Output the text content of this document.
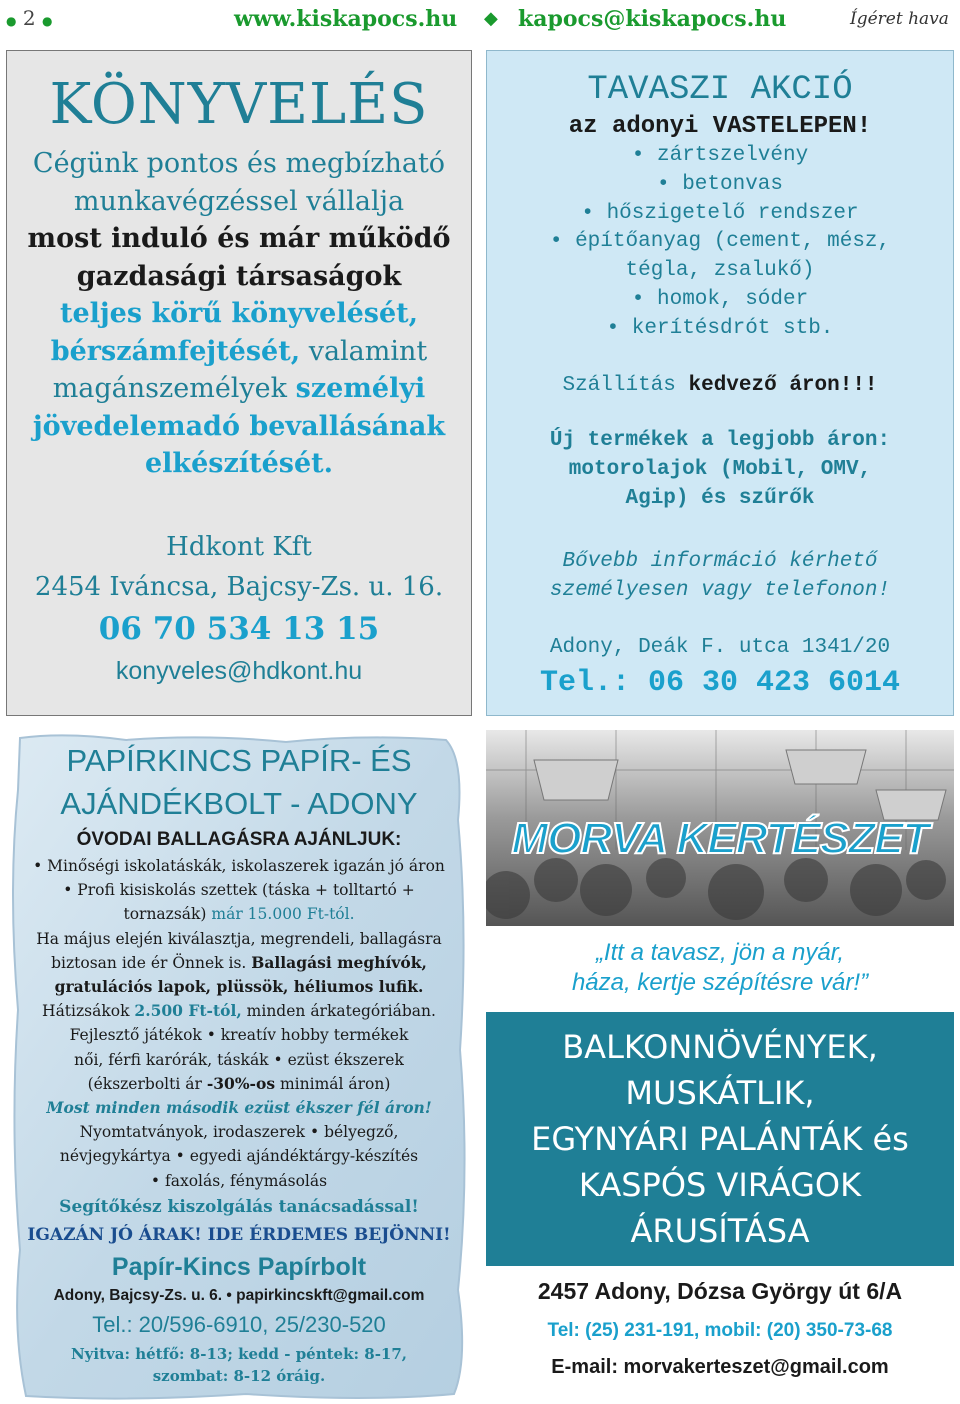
● 2 ●	www.kiskapocs.hu ◆ kapocs@kiskapocs.hu	Ígéret hava
KÖNYVELÉS
Cégünk pontos és megbízható
munkavégzéssel vállalja
most induló és már működő
gazdasági társaságok
teljes körű könyvelését,
bérszámfejtését, valamint
magánszemélyek személyi
jövedelemadó bevallásának
elkészítését.
Hdkont Kft
2454 Iváncsa, Bajcsy-Zs. u. 16.
06 70 534 13 15
konyveles@hdkont.hu
TAVASZI AKCIÓ
az adonyi VASTELEPEN!
• zártszelvény
• betonvas
• hőszigetelő rendszer
• építőanyag (cement, mész,
tégla, zsalukő)
• homok, sóder
• kerítésdrót stb.
Szállítás kedvező áron!!!
Új termékek a legjobb áron:
motorolajok (Mobil, OMV,
Agip) és szűrők
Bővebb információ kérhető
személyesen vagy telefonon!
Adony, Deák F. utca 1341/20
Tel.: 06 30 423 6014
PAPÍRKINCS PAPÍR- ÉS
AJÁNDÉKBOLT - ADONY
ÓVODAI BALLAGÁSRA AJÁNLJUK:
• Minőségi iskolatáskák, iskolaszerek igazán jó áron
• Profi kisiskolás szettek (táska + tolltartó +
tornazsák) már 15.000 Ft-tól.
Ha május elején kiválasztja, megrendeli, ballagásra
biztosan ide ér Önnek is. Ballagási meghívók,
gratulációs lapok, plüssök, héliumos lufik.
Hátizsákok 2.500 Ft-tól, minden árkategóriában.
Fejlesztő játékok • kreatív hobby termékek
női, férfi karórák, táskák • ezüst ékszerek
(ékszerbolti ár -30%-os minimál áron)
Most minden második ezüst ékszer fél áron!
Nyomtatványok, irodaszerek • bélyegző,
névjegykártya • egyedi ajándéktárgy-készítés
• faxolás, fénymásolás
Segítőkész kiszolgálás tanácsadással!
IGAZÁN JÓ ÁRAK! IDE ÉRDEMES BEJÖNNI!
Papír-Kincs Papírbolt
Adony, Bajcsy-Zs. u. 6. • papirkincskft@gmail.com
Tel.: 20/596-6910, 25/230-520
Nyitva: hétfő: 8-13; kedd - péntek: 8-17,
szombat: 8-12 óráig.
MORVA KERTÉSZET
„Itt a tavasz, jön a nyár,
háza, kertje szépítésre vár!”
BALKONNÖVÉNYEK,
MUSKÁTLIK,
EGYNYÁRI PALÁNTÁK és
KASPÓS VIRÁGOK
ÁRUSÍTÁSA
2457 Adony, Dózsa György út 6/A
Tel: (25) 231-191, mobil: (20) 350-73-68
E-mail: morvakerteszet@gmail.com
